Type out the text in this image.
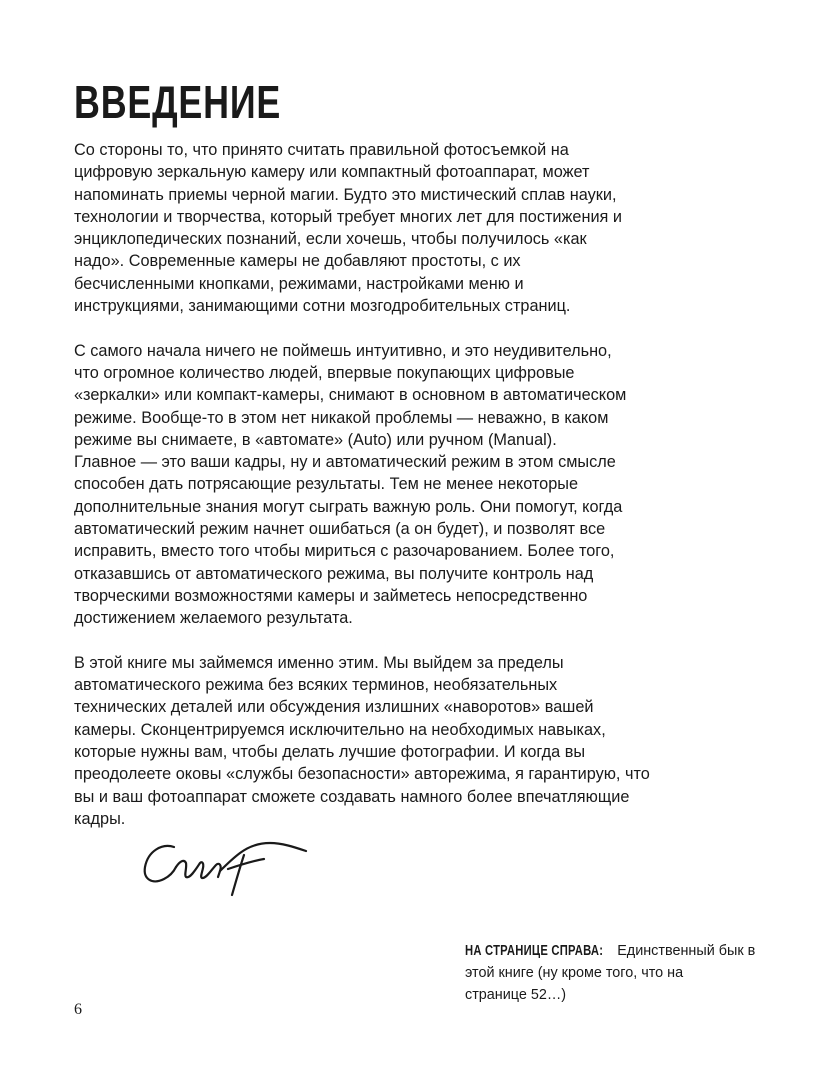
ВВЕДЕНИЕ

Со стороны то, что принято считать правильной фотосъемкой на
цифровую зеркальную камеру или компактный фотоаппарат, может
напоминать приемы черной магии. Будто это мистический сплав науки,
технологии и творчества, который требует многих лет для постижения и
энциклопедических познаний, если хочешь, чтобы получилось «как
надо». Современные камеры не добавляют простоты, с их
бесчисленными кнопками, режимами, настройками меню и
инструкциями, занимающими сотни мозгодробительных страниц.

С самого начала ничего не поймешь интуитивно, и это неудивительно,
что огромное количество людей, впервые покупающих цифровые
«зеркалки» или компакт-камеры, снимают в основном в автоматическом
режиме. Вообще-то в этом нет никакой проблемы — неважно, в каком
режиме вы снимаете, в «автомате» (Auto) или ручном (Manual).
Главное — это ваши кадры, ну и автоматический режим в этом смысле
способен дать потрясающие результаты. Тем не менее некоторые
дополнительные знания могут сыграть важную роль. Они помогут, когда
автоматический режим начнет ошибаться (а он будет), и позволят все
исправить, вместо того чтобы мириться с разочарованием. Более того,
отказавшись от автоматического режима, вы получите контроль над
творческими возможностями камеры и займетесь непосредственно
достижением желаемого результата.

В этой книге мы займемся именно этим. Мы выйдем за пределы
автоматического режима без всяких терминов, необязательных
технических деталей или обсуждения излишних «наворотов» вашей
камеры. Сконцентрируемся исключительно на необходимых навыках,
которые нужны вам, чтобы делать лучшие фотографии. И когда вы
преодолеете оковы «службы безопасности» авторежима, я гарантирую, что
вы и ваш фотоаппарат сможете создавать намного более впечатляющие
кадры.

НА СТРАНИЦЕ СПРАВА: Единственный бык в
этой книге (ну кроме того, что на
странице 52…)
6
